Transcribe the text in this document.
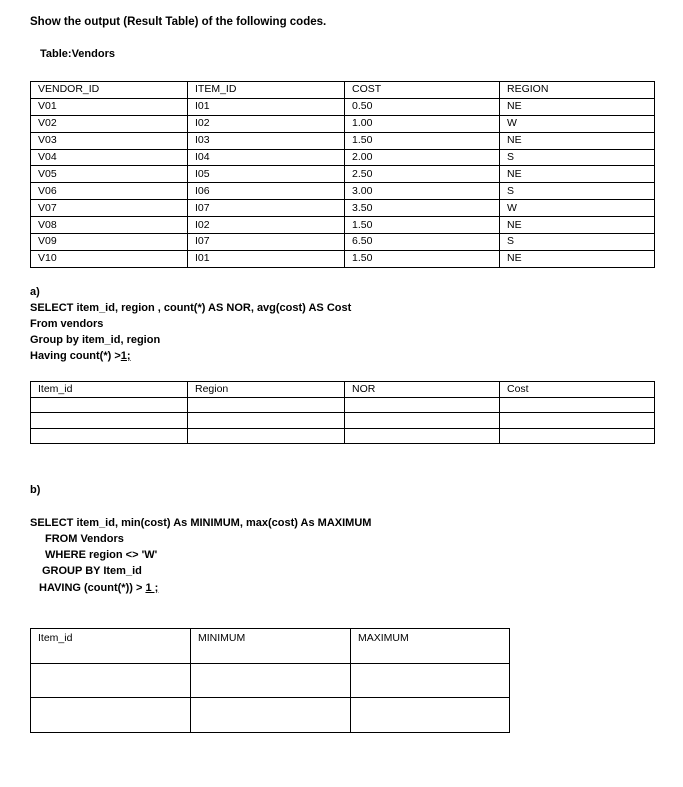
Show the output (Result Table) of the following codes.
Table:Vendors
VENDOR_ID	ITEM_ID	COST	REGION
V01	I01	0.50	NE
V02	I02	1.00	W
V03	I03	1.50	NE
V04	I04	2.00	S
V05	I05	2.50	NE
V06	I06	3.00	S
V07	I07	3.50	W
V08	I02	1.50	NE
V09	I07	6.50	S
V10	I01	1.50	NE
a)
SELECT item_id, region , count(*) AS NOR, avg(cost) AS Cost
From vendors
Group by item_id, region
Having count(*) >1;
Item_id	Region	NOR	Cost

b)
SELECT item_id, min(cost) As MINIMUM, max(cost) As MAXIMUM
FROM Vendors
WHERE region <> 'W'
GROUP BY Item_id
HAVING (count(*)) > 1 ;
Item_id	MINIMUM	MAXIMUM
